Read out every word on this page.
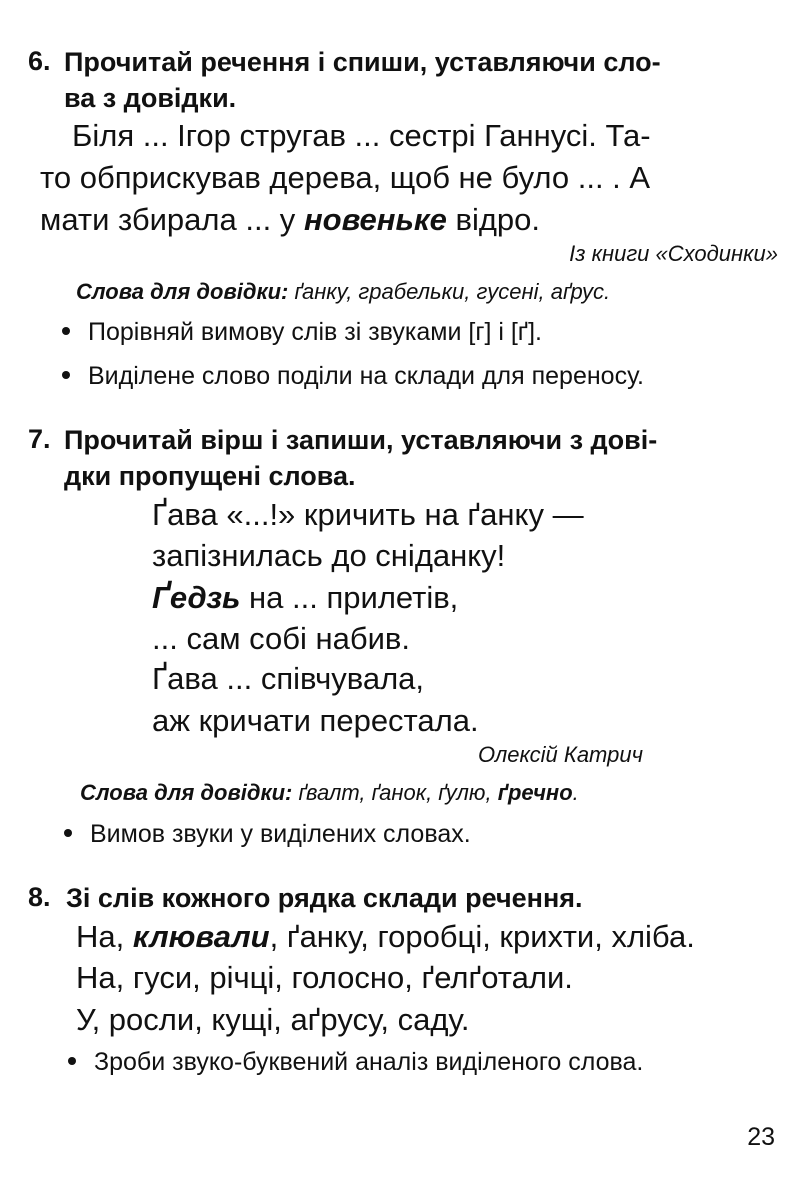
6. Прочитай речення і спиши, уставляючи сло-
ва з довідки.
Біля ... Ігор стругав ... сестрі Ганнусі. Та-
то обприскував дерева, щоб не було ... . А
мати збирала ... у новеньке відро.
Із книги «Сходинки»
Слова для довідки: ґанку, грабельки, гусені, аґрус.
Порівняй вимову слів зі звуками [г] і [ґ].
Виділене слово поділи на склади для переносу.
7. Прочитай вірш і запиши, уставляючи з дові-
дки пропущені слова.
Ґава «...!» кричить на ґанку —
запізнилась до сніданку!
Ґедзь на ... прилетів,
... сам собі набив.
Ґава ... співчувала,
аж кричати перестала.
Олексій Катрич
Слова для довідки: ґвалт, ґанок, ґулю, ґречно.
Вимов звуки у виділених словах.
8. Зі слів кожного рядка склади речення.
На, клювали, ґанку, горобці, крихти, хліба.
На, гуси, річці, голосно, ґелґотали.
У, росли, кущі, аґрусу, саду.
Зроби звуко-буквений аналіз виділеного слова.
23
